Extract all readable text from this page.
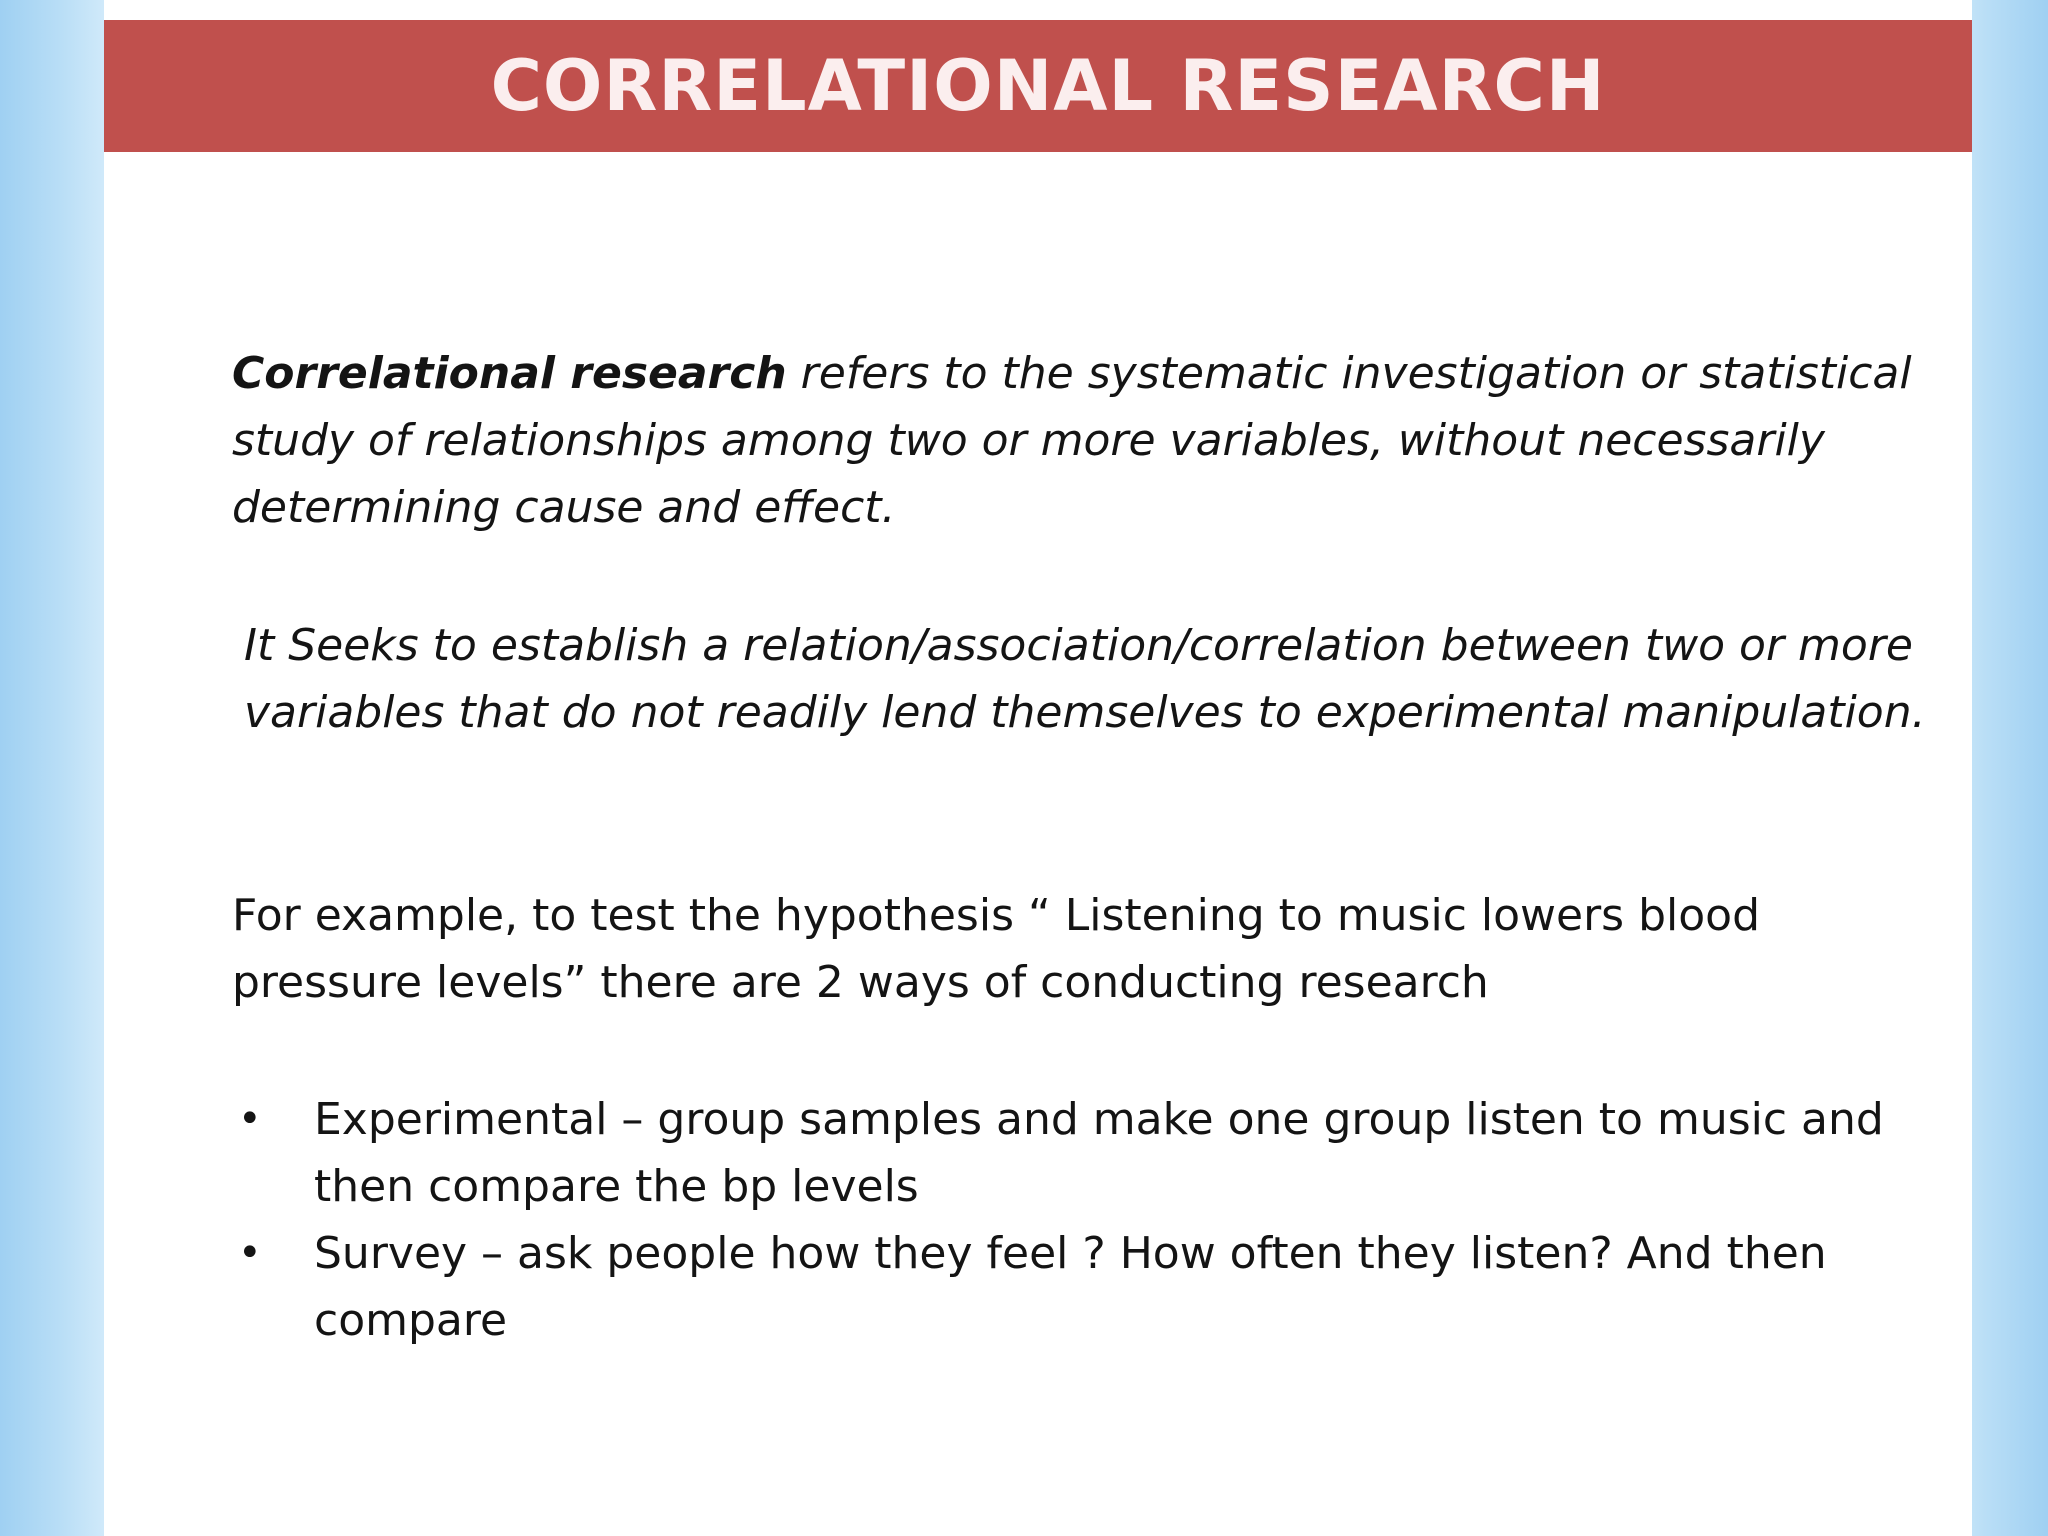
CORRELATIONAL RESEARCH

Correlational research refers to the systematic investigation or statistical study of relationships among two or more variables, without necessarily determining cause and effect.

It Seeks to establish a relation/association/correlation between two or more variables that do not readily lend themselves to experimental manipulation.

For example, to test the hypothesis “ Listening to music lowers blood pressure levels” there are 2 ways of conducting research

• Experimental – group samples and make one group listen to music and then compare the bp levels
• Survey – ask people how they feel ? How often they listen? And then compare
